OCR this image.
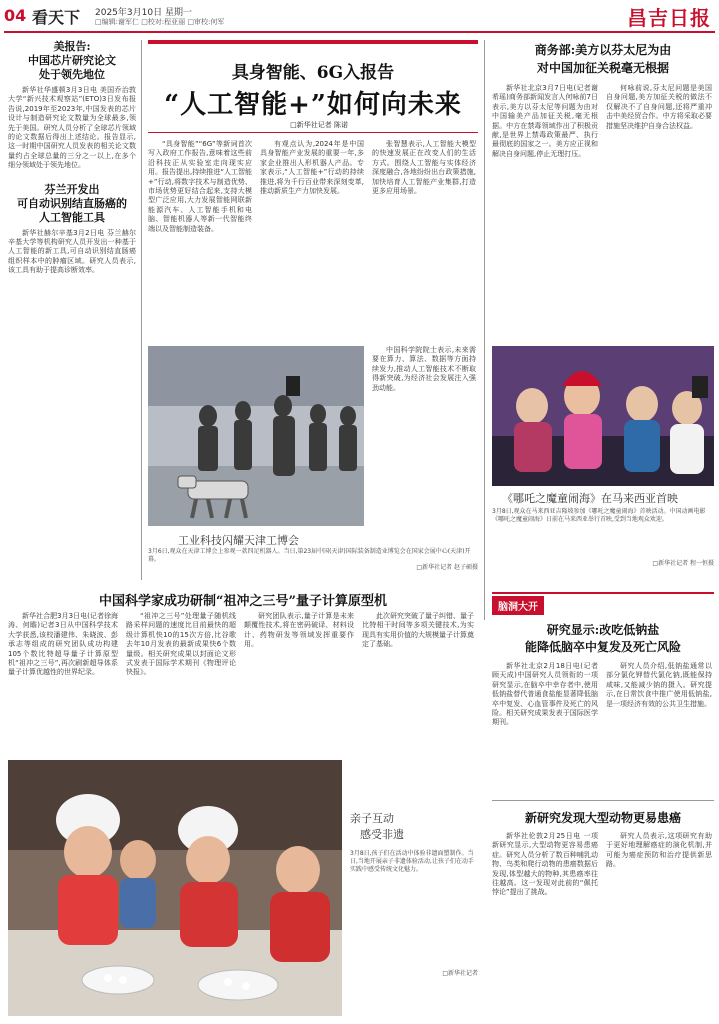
04 看天下 2025年3月10日 星期一
□编辑:谢军仁 □校对:程亚丽 □审校:何军	昌吉日报
美报告:
中国芯片研究论文
处于领先地位
新华社华盛顿3月3日电 美国乔治敦大学“新兴技术观察站”(ETO)3日发布报告说,2019年至2023年,中国发表的芯片设计与制造研究论文数量为全球最多,领先于美国。研究人员分析了全球芯片领域的论文数据后得出上述结论。报告显示,这一时期中国研究人员发表的相关论文数量约占全球总量的三分之一以上,在多个细分领域处于领先地位。
芬兰开发出
可自动识别结直肠癌的
人工智能工具
新华社赫尔辛基3月2日电 芬兰赫尔辛基大学等机构研究人员开发出一种基于人工智能的新工具,可自动识别结直肠癌组织样本中的肿瘤区域。研究人员表示,该工具有助于提高诊断效率。
具身智能、6G入报告
“人工智能+”如何向未来
□新华社记者 陈诺
“具身智能”“6G”等新词首次写入政府工作报告,意味着这些前沿科技正从实验室走向现实应用。报告提出,持续推进“人工智能+”行动,将数字技术与制造优势、市场优势更好结合起来,支持大模型广泛应用,大力发展智能网联新能源汽车、人工智能手机和电脑、智能机器人等新一代智能终端以及智能制造装备。
有观点认为,2024年是中国具身智能产业发展的重要一年,多家企业推出人形机器人产品。专家表示,“人工智能+”行动的持续推进,将为千行百业带来深刻变革,推动新质生产力加快发展。
张智慧表示,人工智能大模型的快速发展正在改变人们的生活方式。围绕人工智能与实体经济深度融合,各地纷纷出台政策措施,加快培育人工智能产业集群,打造更多应用场景。
中国科学院院士表示,未来需要在算力、算法、数据等方面持续发力,推动人工智能技术不断取得新突破,为经济社会发展注入强劲动能。
工业科技闪耀天津工博会
3月6日,观众在天津工博会上参观一款四足机器人。当日,第23届中国(天津)国际装备制造业博览会在国家会展中心(天津)开幕。
□新华社记者 赵子硕摄
中国科学家成功研制“祖冲之三号”量子计算原型机
新华社合肥3月3日电(记者徐海涛、何瞻)记者3日从中国科学技术大学获悉,该校潘建伟、朱晓波、彭承志等组成的研究团队成功构建105个数比特超导量子计算原型机“祖冲之三号”,再次刷新超导体系量子计算优越性的世界纪录。
“祖冲之三号”处理量子随机线路采样问题的速度比目前最快的超级计算机快10的15次方倍,比谷歌去年10月发表的最新成果快6个数量级。相关研究成果以封面论文形式发表于国际学术期刊《物理评论快报》。
研究团队表示,量子计算是未来颠覆性技术,将在密码破译、材料设计、药物研发等领域发挥重要作用。
此次研究突破了量子纠错、量子比特相干时间等多项关键技术,为实现具有实用价值的大规模量子计算奠定了基础。
亲子互动
感受非遗
3月8日,孩子们在活动中体验非遗面塑制作。当日,当地开展亲子非遗体验活动,让孩子们在动手实践中感受传统文化魅力。
□新华社记者
商务部:美方以芬太尼为由
对中国加征关税毫无根据
新华社北京3月7日电(记者谢希瑶)商务部新闻发言人何咏前7日表示,美方以芬太尼等问题为由对中国输美产品加征关税,毫无根据。中方在禁毒领域作出了积极贡献,是世界上禁毒政策最严、执行最彻底的国家之一。美方应正视和解决自身问题,停止无理打压。
何咏前说,芬太尼问题是美国自身问题,美方加征关税的做法不仅解决不了自身问题,还将严重冲击中美经贸合作。中方将采取必要措施坚决维护自身合法权益。
《哪吒之魔童闹海》在马来西亚首映
3月8日,观众在马来西亚吉隆坡参加《哪吒之魔童闹海》首映活动。中国动画电影《哪吒之魔童闹海》日前在马来西亚举行首映,受到当地观众欢迎。
□新华社记者 程一恒摄
脑洞大开
研究显示:改吃低钠盐
能降低脑卒中复发及死亡风险
新华社北京2月18日电(记者顾天成)中国研究人员领衔的一项研究显示,在脑卒中幸存者中,使用低钠盐替代普通食盐能显著降低脑卒中复发、心血管事件及死亡的风险。相关研究成果发表于国际医学期刊。
研究人员介绍,低钠盐通常以部分氯化钾替代氯化钠,既能保持咸味,又能减少钠的摄入。研究提示,在日常饮食中推广使用低钠盐,是一项经济有效的公共卫生措施。
新研究发现大型动物更易患癌
新华社伦敦2月25日电 一项新研究显示,大型动物更容易患癌症。研究人员分析了数百种哺乳动物、鸟类和爬行动物的患癌数据后发现,体型越大的物种,其患癌率往往越高。这一发现对此前的“佩托悖论”提出了挑战。
研究人员表示,这项研究有助于更好地理解癌症的演化机制,并可能为癌症预防和治疗提供新思路。
